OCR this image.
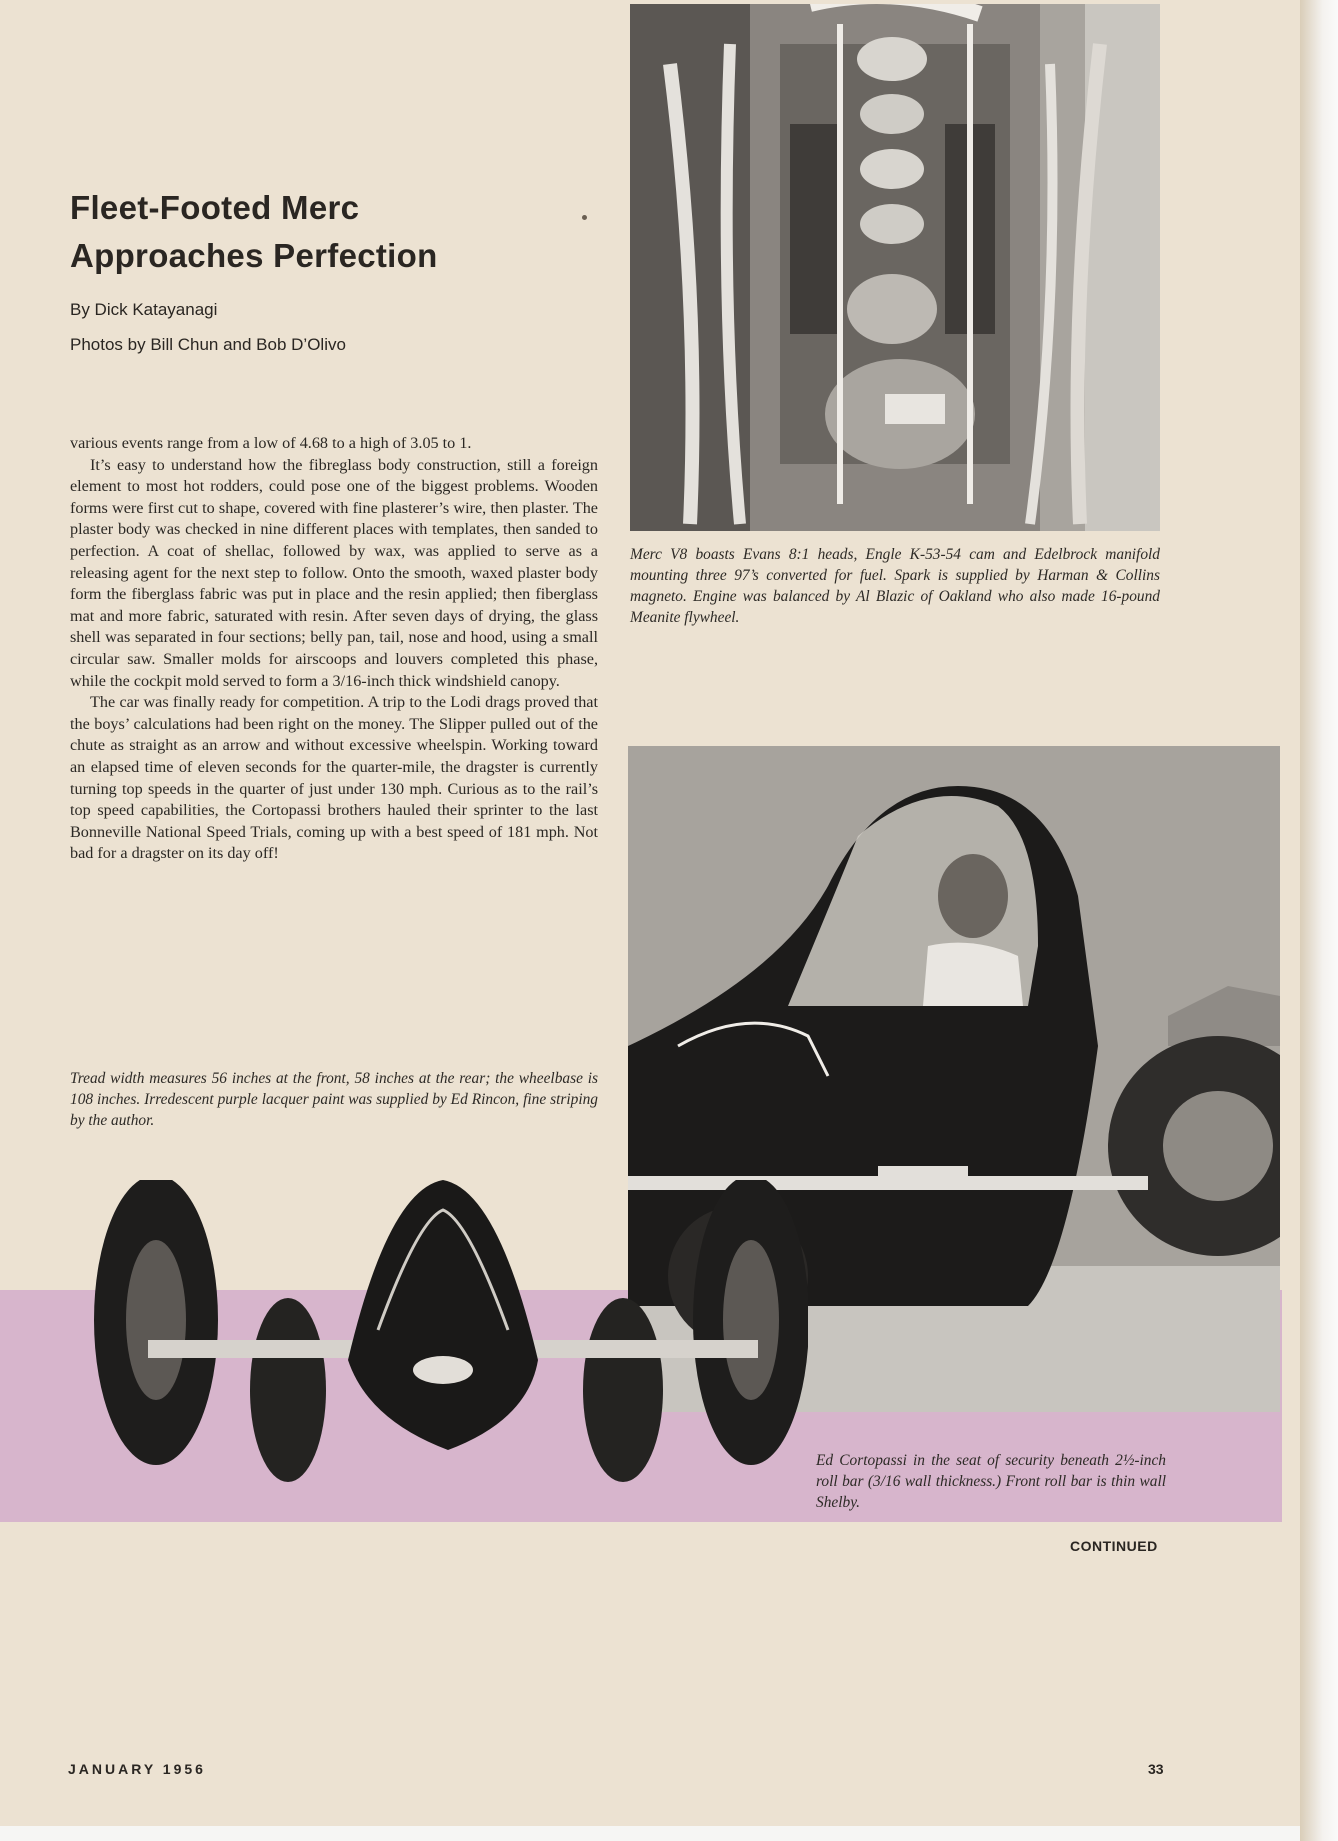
Fleet-Footed Merc
Approaches Perfection
By Dick Katayanagi
Photos by Bill Chun and Bob D’Olivo

various events range from a low of 4.68 to a high of 3.05 to 1.

It’s easy to understand how the fibreglass body construction, still a foreign element to most hot rodders, could pose one of the biggest problems. Wooden forms were first cut to shape, covered with fine plasterer’s wire, then plaster. The plaster body was checked in nine different places with templates, then sanded to perfection. A coat of shellac, followed by wax, was applied to serve as a releasing agent for the next step to follow. Onto the smooth, waxed plaster body form the fiberglass fabric was put in place and the resin applied; then fiberglass mat and more fabric, saturated with resin. After seven days of drying, the glass shell was separated in four sections; belly pan, tail, nose and hood, using a small circular saw. Smaller molds for airscoops and louvers completed this phase, while the cockpit mold served to form a 3/16-inch thick windshield canopy.

The car was finally ready for competition. A trip to the Lodi drags proved that the boys’ calculations had been right on the money. The Slipper pulled out of the chute as straight as an arrow and without excessive wheelspin. Working toward an elapsed time of eleven seconds for the quarter-mile, the dragster is currently turning top speeds in the quarter of just under 130 mph. Curious as to the rail’s top speed capabilities, the Cortopassi brothers hauled their sprinter to the last Bonneville National Speed Trials, coming up with a best speed of 181 mph. Not bad for a dragster on its day off!

Merc V8 boasts Evans 8:1 heads, Engle K-53-54 cam and Edelbrock manifold mounting three 97’s converted for fuel. Spark is supplied by Harman & Collins magneto. Engine was balanced by Al Blazic of Oakland who also made 16-pound Meanite flywheel.
Tread width measures 56 inches at the front, 58 inches at the rear; the wheelbase is 108 inches. Irredescent purple lacquer paint was supplied by Ed Rincon, fine striping by the author.
Ed Cortopassi in the seat of security beneath 2½-inch roll bar (3/16 wall thickness.) Front roll bar is thin wall Shelby.
CONTINUED
JANUARY 1956	33
